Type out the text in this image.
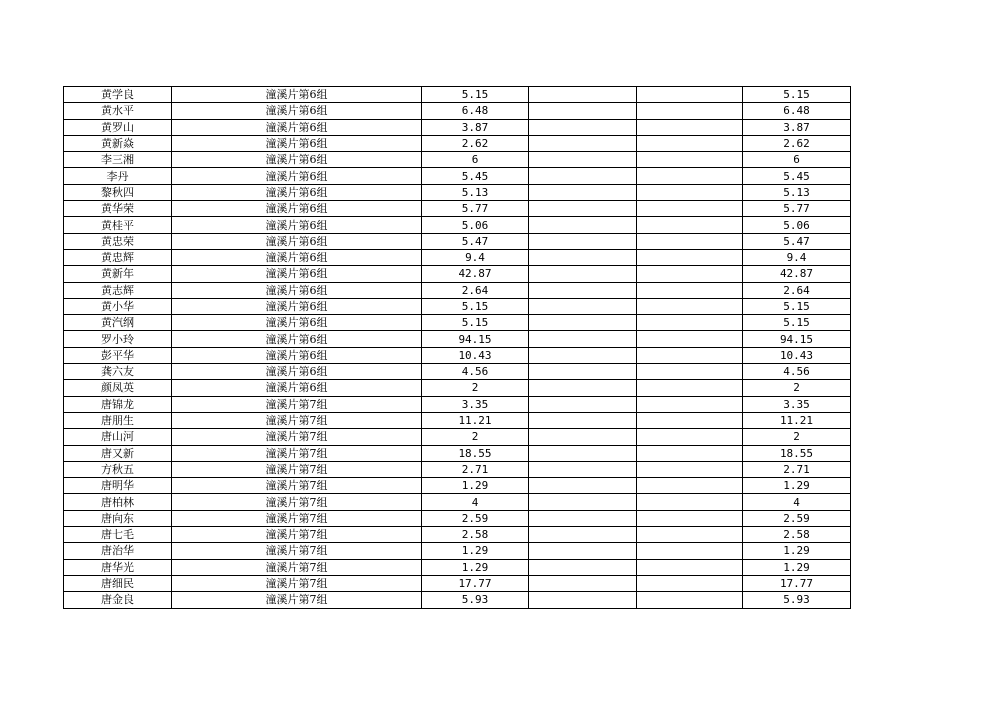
黄学良	潼溪片第6组	5.15			5.15
黄水平	潼溪片第6组	6.48			6.48
黄罗山	潼溪片第6组	3.87			3.87
黄新焱	潼溪片第6组	2.62			2.62
李三湘	潼溪片第6组	6			6
李丹	潼溪片第6组	5.45			5.45
黎秋四	潼溪片第6组	5.13			5.13
黄华荣	潼溪片第6组	5.77			5.77
黄桂平	潼溪片第6组	5.06			5.06
黄忠荣	潼溪片第6组	5.47			5.47
黄忠辉	潼溪片第6组	9.4			9.4
黄新年	潼溪片第6组	42.87			42.87
黄志辉	潼溪片第6组	2.64			2.64
黄小华	潼溪片第6组	5.15			5.15
黄汽纲	潼溪片第6组	5.15			5.15
罗小玲	潼溪片第6组	94.15			94.15
彭平华	潼溪片第6组	10.43			10.43
龚六友	潼溪片第6组	4.56			4.56
颜凤英	潼溪片第6组	2			2
唐锦龙	潼溪片第7组	3.35			3.35
唐朋生	潼溪片第7组	11.21			11.21
唐山河	潼溪片第7组	2			2
唐又新	潼溪片第7组	18.55			18.55
方秋五	潼溪片第7组	2.71			2.71
唐明华	潼溪片第7组	1.29			1.29
唐柏林	潼溪片第7组	4			4
唐向东	潼溪片第7组	2.59			2.59
唐七毛	潼溪片第7组	2.58			2.58
唐治华	潼溪片第7组	1.29			1.29
唐华光	潼溪片第7组	1.29			1.29
唐细民	潼溪片第7组	17.77			17.77
唐金良	潼溪片第7组	5.93			5.93
